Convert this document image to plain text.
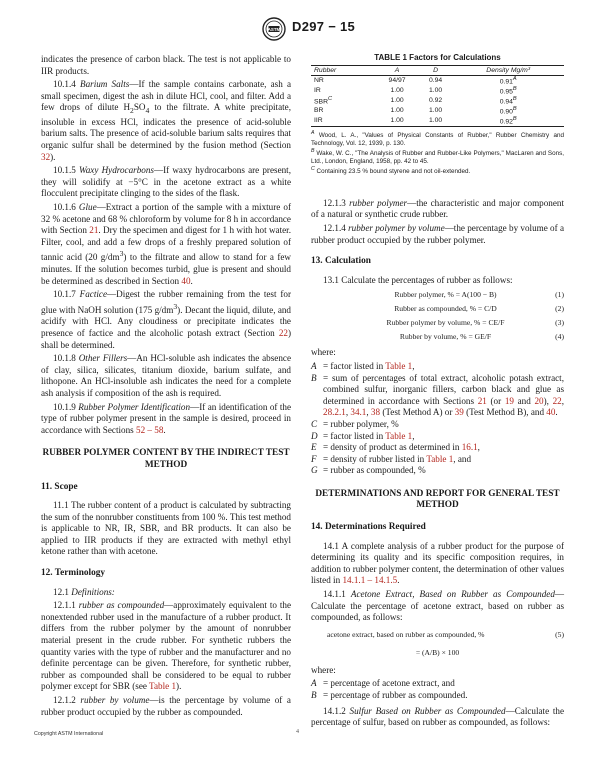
ASTM D297 − 15

indicates the presence of carbon black. The test is not applicable to IIR products.

10.1.4 Barium Salts—If the sample contains carbonate, ash a small specimen, digest the ash in dilute HCl, cool, and filter. Add a few drops of dilute $H_2SO_4$ to the filtrate. A white precipitate, insoluble in excess HCl, indicates the presence of acid-soluble barium salts. The presence of acid-soluble barium salts requires that organic sulfur shall be determined by the fusion method (Section 32).

10.1.5 Waxy Hydrocarbons—If waxy hydrocarbons are present, they will solidify at −5°C in the acetone extract as a white flocculent precipitate clinging to the sides of the flask.

10.1.6 Glue—Extract a portion of the sample with a mixture of 32 % acetone and 68 % chloroform by volume for 8 h in accordance with Section 21. Dry the specimen and digest for 1 h with hot water. Filter, cool, and add a few drops of a freshly prepared solution of tannic acid (20 $g/dm^3$) to the filtrate and allow to stand for a few minutes. If the solution becomes turbid, glue is present and should be determined as described in Section 40.

10.1.7 Factice—Digest the rubber remaining from the test for glue with NaOH solution (175 $g/dm^3$). Decant the liquid, dilute, and acidify with HCl. Any cloudiness or precipitate indicates the presence of factice and the alcoholic potash extract (Section 22) shall be determined.

10.1.8 Other Fillers—An HCl-soluble ash indicates the absence of clay, silica, silicates, titanium dioxide, barium sulfate, and lithopone. An HCl-insoluble ash indicates the need for a complete ash analysis if composition of the ash is required.

10.1.9 Rubber Polymer Identification—If an identification of the type of rubber polymer present in the sample is desired, proceed in accordance with Sections 52 – 58.

RUBBER POLYMER CONTENT BY THE INDIRECT TEST METHOD
11. Scope

11.1 The rubber content of a product is calculated by subtracting the sum of the nonrubber constituents from 100 %. This test method is applicable to NR, IR, SBR, and BR products. It can also be applied to IIR products if they are extracted with methyl ethyl ketone rather than with acetone.

12. Terminology

12.1 Definitions:

12.1.1 rubber as compounded—approximately equivalent to the nonextended rubber used in the manufacture of a rubber product. It differs from the rubber polymer by the amount of nonrubber material present in the crude rubber. For synthetic rubbers the quantity varies with the type of rubber and the manufacturer and no definite percentage can be given. Therefore, for synthetic rubber, rubber as compounded shall be considered to be equal to rubber polymer except for SBR (see Table 1).

12.1.2 rubber by volume—is the percentage by volume of a rubber product occupied by the rubber as compounded.

TABLE 1 Factors for Calculations
Rubber	A	D	Density Mg/m³
NR	94/97	0.94	$0.91^A$
IR	1.00	1.00	$0.95^B$
$SBR^C$	1.00	0.92	$0.94^B$
BR	1.00	1.00	$0.90^B$
IIR	1.00	1.00	$0.92^B$
$^A$ Wood, L. A., "Values of Physical Constants of Rubber," Rubber Chemistry and Technology, Vol. 12, 1939, p. 130.
$^B$ Wake, W. C., "The Analysis of Rubber and Rubber-Like Polymers," MacLaren and Sons, Ltd., London, England, 1958, pp. 42 to 45.
$^C$ Containing 23.5 % bound styrene and not oil-extended.

12.1.3 rubber polymer—the characteristic and major component of a natural or synthetic crude rubber.

12.1.4 rubber polymer by volume—the percentage by volume of a rubber product occupied by the rubber polymer.

13. Calculation

13.1 Calculate the percentages of rubber as follows:

Rubber polymer, % = A(100 − B)	(1)
Rubber as compounded, % = C/D	(2)
Rubber polymer by volume, % = CE/F	(3)
Rubber by volume, % = GE/F	(4)

where:

A = factor listed in Table 1,
B = sum of percentages of total extract, alcoholic potash extract, combined sulfur, inorganic fillers, carbon black and glue as determined in accordance with Sections 21 (or 19 and 20), 22, 28.2.1, 34.1, 38 (Test Method A) or 39 (Test Method B), and 40.
C = rubber polymer, %
D = factor listed in Table 1,
E = density of product as determined in 16.1,
F = density of rubber listed in Table 1, and
G = rubber as compounded, %
DETERMINATIONS AND REPORT FOR GENERAL TEST METHOD
14. Determinations Required

14.1 A complete analysis of a rubber product for the purpose of determining its quality and its specific composition requires, in addition to rubber polymer content, the determination of other values listed in 14.1.1 – 14.1.5.

14.1.1 Acetone Extract, Based on Rubber as Compounded—Calculate the percentage of acetone extract, based on rubber as compounded, as follows:

acetone extract, based on rubber as compounded, %	(5)
= (A/B) × 100

where:

A = percentage of acetone extract, and
B = percentage of rubber as compounded.

14.1.2 Sulfur Based on Rubber as Compounded—Calculate the percentage of sulfur, based on rubber as compounded, as follows:

Copyright ASTM International	4
